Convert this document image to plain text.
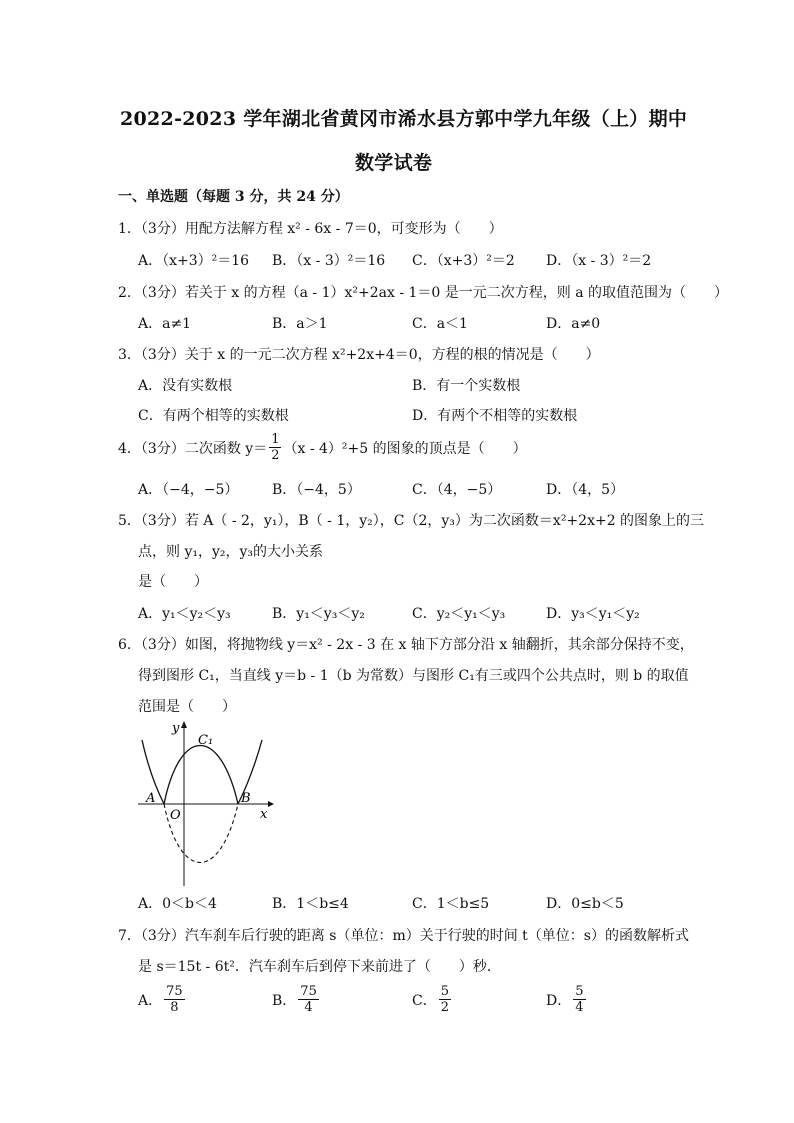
2022-2023 学年湖北省黄冈市浠水县方郭中学九年级（上）期中
数学试卷
一、单选题（每题 3 分，共 24 分）
1．（3分）用配方法解方程 x² - 6x - 7＝0，可变形为（　　）
A．（x+3）²＝16 B．（x - 3）²＝16 C．（x+3）²＝2 D．（x - 3）²＝2
2．（3分）若关于 x 的方程（a - 1）x²+2ax - 1＝0 是一元二次方程，则 a 的取值范围为（　　）
A．a≠1	B．a＞1	C．a＜1	D．a≠0
3．（3分）关于 x 的一元二次方程 x²+2x+4＝0，方程的根的情况是（　　）
A．没有实数根	B．有一个实数根
C．有两个相等的实数根	D．有两个不相等的实数根
4．（3分）二次函数 $y= \frac{1}{2} (x - 4)^2+5$ 的图象的顶点是（　　）
A．（−4，−5） B．（−4，5）	C．（4，−5）	D．（4，5）
5．（3分）若 A（ - 2，y₁），B（ - 1，y₂），C（2，y₃）为二次函数＝x²+2x+2 的图象上的三
点，则 y₁，y₂，y₃的大小关系
是（　　）
A．y₁＜y₂＜y₃	B．y₁＜y₃＜y₂	C．y₂＜y₁＜y₃	D．y₃＜y₁＜y₂
6．（3分）如图，将抛物线 y＝x² - 2x - 3 在 x 轴下方部分沿 x 轴翻折，其余部分保持不变，
得到图形 C₁，当直线 y＝b - 1（b 为常数）与图形 C₁有三或四个公共点时，则 b 的取值
范围是（　　）
y
x
C₁
A	B
O
A．0＜b＜4	B．1＜b≤4	C．1＜b≤5	D．0≤b＜5
7．（3分）汽车刹车后行驶的距离 s（单位：m）关于行驶的时间 t（单位：s）的函数解析式
是 s＝15t - 6t²．汽车刹车后到停下来前进了（　　）秒．
A． $\frac{75}{8}$	B． $\frac{75}{4}$	C． $\frac{5}{2}$	D． $\frac{5}{4}$
